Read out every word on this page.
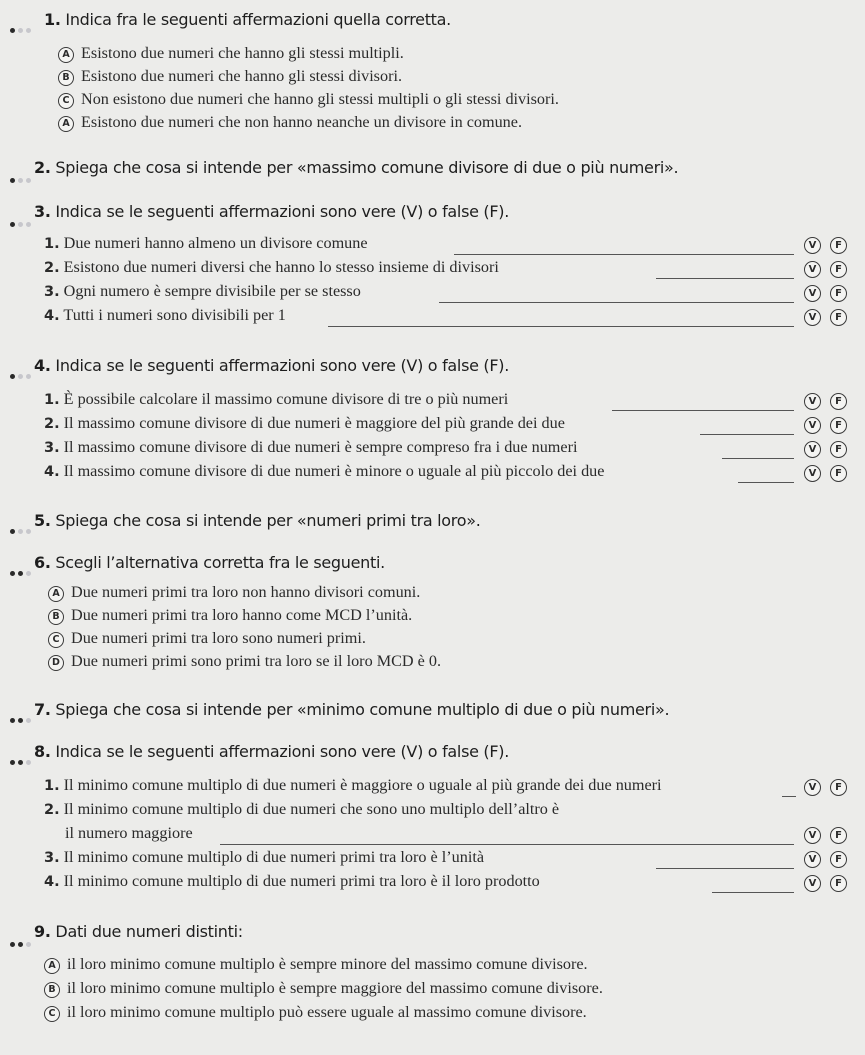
1. Indica fra le seguenti affermazioni quella corretta.
A Esistono due numeri che hanno gli stessi multipli.
B Esistono due numeri che hanno gli stessi divisori.
C Non esistono due numeri che hanno gli stessi multipli o gli stessi divisori.
A Esistono due numeri che non hanno neanche un divisore in comune.
2. Spiega che cosa si intende per «massimo comune divisore di due o più numeri».
3. Indica se le seguenti affermazioni sono vere (V) o false (F).
1. Due numeri hanno almeno un divisore comune	V	F
2. Esistono due numeri diversi che hanno lo stesso insieme di divisori	V	F
3. Ogni numero è sempre divisibile per se stesso	V	F
4. Tutti i numeri sono divisibili per 1	V	F
4. Indica se le seguenti affermazioni sono vere (V) o false (F).
1. È possibile calcolare il massimo comune divisore di tre o più numeri	V	F
2. Il massimo comune divisore di due numeri è maggiore del più grande dei due	V	F
3. Il massimo comune divisore di due numeri è sempre compreso fra i due numeri	V	F
4. Il massimo comune divisore di due numeri è minore o uguale al più piccolo dei due	V	F
5. Spiega che cosa si intende per «numeri primi tra loro».
6. Scegli l’alternativa corretta fra le seguenti.
A Due numeri primi tra loro non hanno divisori comuni.
B Due numeri primi tra loro hanno come MCD l’unità.
C Due numeri primi tra loro sono numeri primi.
D Due numeri primi sono primi tra loro se il loro MCD è 0.
7. Spiega che cosa si intende per «minimo comune multiplo di due o più numeri».
8. Indica se le seguenti affermazioni sono vere (V) o false (F).
1. Il minimo comune multiplo di due numeri è maggiore o uguale al più grande dei due numeri	V	F
2. Il minimo comune multiplo di due numeri che sono uno multiplo dell’altro è
il numero maggiore	V	F
3. Il minimo comune multiplo di due numeri primi tra loro è l’unità	V	F
4. Il minimo comune multiplo di due numeri primi tra loro è il loro prodotto	V	F
9. Dati due numeri distinti:
A il loro minimo comune multiplo è sempre minore del massimo comune divisore.
B il loro minimo comune multiplo è sempre maggiore del massimo comune divisore.
C il loro minimo comune multiplo può essere uguale al massimo comune divisore.
